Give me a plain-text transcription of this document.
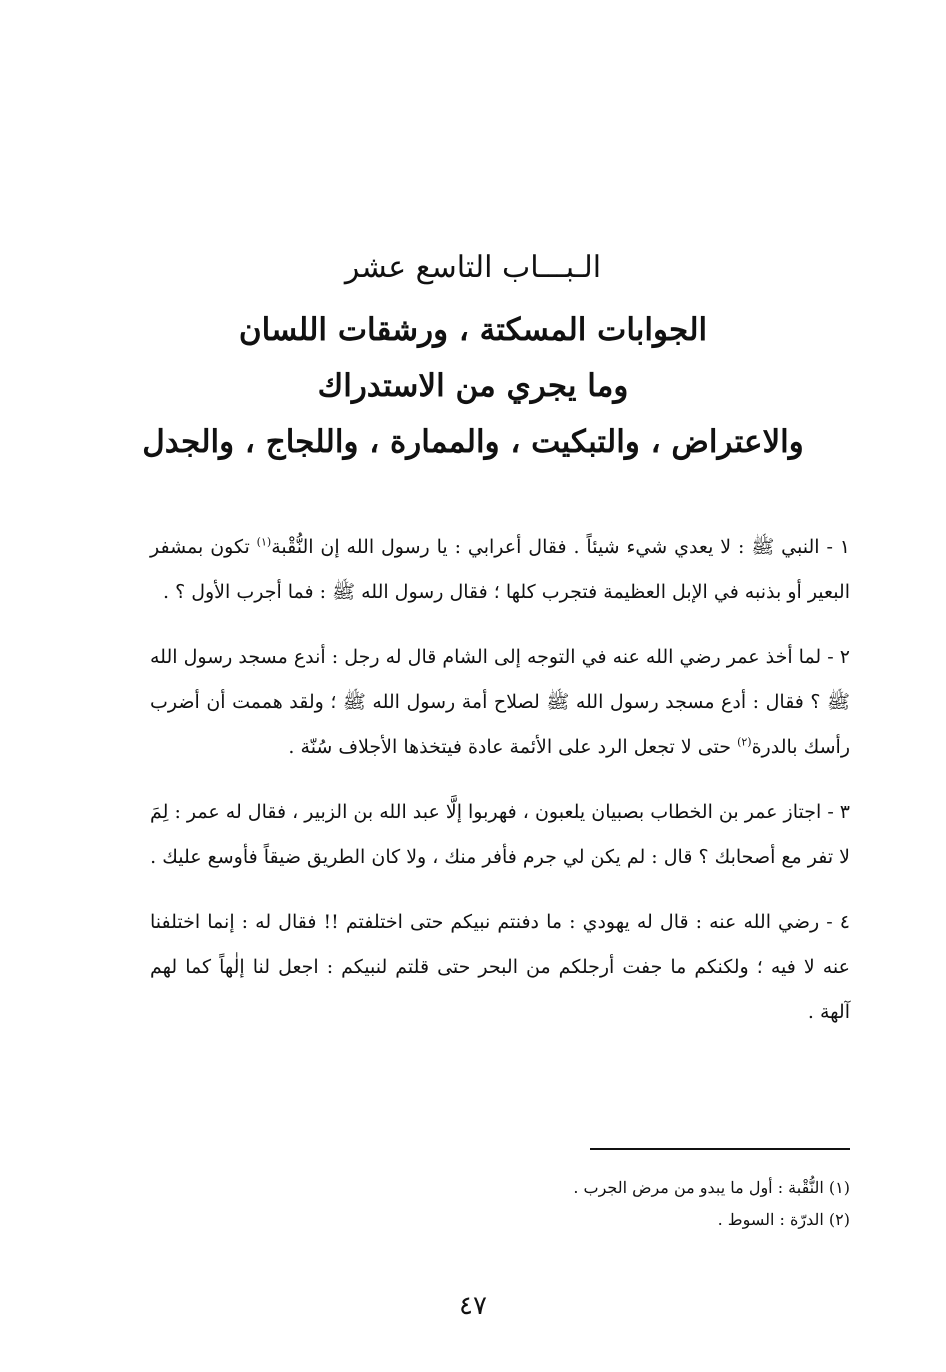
الـبـــاب التاسع عشر
الجوابات المسكتة ، ورشقات اللسان
وما يجري من الاستدراك
والاعتراض ، والتبكيت ، والممارة ، واللجاج ، والجدل

١ - النبي ﷺ : لا يعدي شيء شيئاً . فقال أعرابي : يا رسول الله إن النُّقْبة$^{(١)}$ تكون بمشفر البعير أو بذنبه في الإبل العظيمة فتجرب كلها ؛ فقال رسول الله ﷺ : فما أجرب الأول ؟ .

٢ - لما أخذ عمر رضي الله عنه في التوجه إلى الشام قال له رجل : أندع مسجد رسول الله ﷺ ؟ فقال : أدع مسجد رسول الله ﷺ لصلاح أمة رسول الله ﷺ ؛ ولقد هممت أن أضرب رأسك بالدرة$^{(٢)}$ حتى لا تجعل الرد على الأئمة عادة فيتخذها الأجلاف سُنّة .

٣ - اجتاز عمر بن الخطاب بصبيان يلعبون ، فهربوا إلَّا عبد الله بن الزبير ، فقال له عمر : لِمَ لا تفر مع أصحابك ؟ قال : لم يكن لي جرم فأفر منك ، ولا كان الطريق ضيقاً فأوسع عليك .

٤ - رضي الله عنه : قال له يهودي : ما دفنتم نبيكم حتى اختلفتم !! فقال له : إنما اختلفنا عنه لا فيه ؛ ولكنكم ما جفت أرجلكم من البحر حتى قلتم لنبيكم : اجعل لنا إلٰهاً كما لهم آلهة .

(١) النُّقْبة : أول ما يبدو من مرض الجرب .

(٢) الدرّة : السوط .

٤٧
